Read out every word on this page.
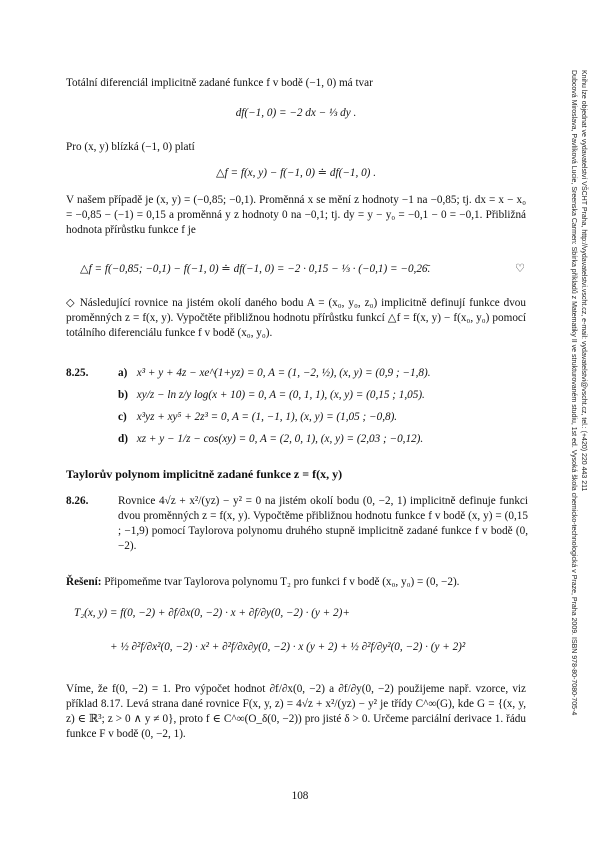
Totální diferenciál implicitně zadané funkce f v bodě (−1, 0) má tvar
df(−1, 0) = −2 dx − ⅓ dy .
Pro (x, y) blízká (−1, 0) platí
△f = f(x, y) − f(−1, 0) ≐ df(−1, 0) .
V našem případě je (x, y) = (−0,85; −0,1). Proměnná x se mění z hodnoty −1 na −0,85; tj. dx = x − x₀ = −0,85 − (−1) = 0,15 a proměnná y z hodnoty 0 na −0,1; tj. dy = y − y₀ = −0,1 − 0 = −0,1. Přibližná hodnota přírůstku funkce f je
△f = f(−0,85; −0,1) − f(−1, 0) ≐ df(−1, 0) = −2 · 0,15 − ⅓ · (−0,1) = −0,26̄.	♡
◇ Následující rovnice na jistém okolí daného bodu A = (x₀, y₀, z₀) implicitně definují funkce dvou proměnných z = f(x, y). Vypočtěte přibližnou hodnotu přírůstku funkcí △f = f(x, y) − f(x₀, y₀) pomocí totálního diferenciálu funkce f v bodě (x₀, y₀).
8.25.	a) x³ + y + 4z − xe^(1+yz) = 0, A = (1, −2, ½), (x, y) = (0,9 ; −1,8).
b) xy/z − ln z/y log(x + 10) = 0, A = (0, 1, 1), (x, y) = (0,15 ; 1,05).
c) x³yz + xy⁵ + 2z³ = 0, A = (1, −1, 1), (x, y) = (1,05 ; −0,8).
d) xz + y − 1/z − cos(xy) = 0, A = (2, 0, 1), (x, y) = (2,03 ; −0,12).
Taylorův polynom implicitně zadané funkce z = f(x, y)
8.26.	Rovnice 4√z + x²/(yz) − y² = 0 na jistém okolí bodu (0, −2, 1) implicitně definuje funkci dvou proměnných z = f(x, y). Vypočtěme přibližnou hodnotu funkce f v bodě (x, y) = (0,15 ; −1,9) pomocí Taylorova polynomu druhého stupně implicitně zadané funkce f v bodě (0, −2).
Řešení: Připomeňme tvar Taylorova polynomu T₂ pro funkci f v bodě (x₀, y₀) = (0, −2).
T₂(x, y) = f(0, −2) + ∂f/∂x(0, −2) · x + ∂f/∂y(0, −2) · (y + 2)+
+ ½ ∂²f/∂x²(0, −2) · x² + ∂²f/∂x∂y(0, −2) · x (y + 2) + ½ ∂²f/∂y²(0, −2) · (y + 2)²
Víme, že f(0, −2) = 1. Pro výpočet hodnot ∂f/∂x(0, −2) a ∂f/∂y(0, −2) použijeme např. vzorce, viz příklad 8.17. Levá strana dané rovnice F(x, y, z) = 4√z + x²/(yz) − y² je třídy C^∞(G), kde G = {(x, y, z) ∈ ℝ³; z > 0 ∧ y ≠ 0}, proto f ∈ C^∞(O_δ(0, −2)) pro jisté δ > 0. Určeme parciální derivace 1. řádu funkce F v bodě (0, −2, 1).
108
Dubcová Miroslava, Pavlíková Lucie, Sreenska Carmen: Sbírka příkladů z Matematiky II ve strukturovaném studiu, 1st ed. Vysoká škola chemicko-technologická v Praze, Praha 2009. ISBN 978-80-7080-705-4 Knihu lze objednat ve vydavatelství VŠCHT Praha, http://vydavatelstvi.vscht.cz, e-mail: vydavatelstvi@vscht.cz, tel.: (+420) 220 443 211
